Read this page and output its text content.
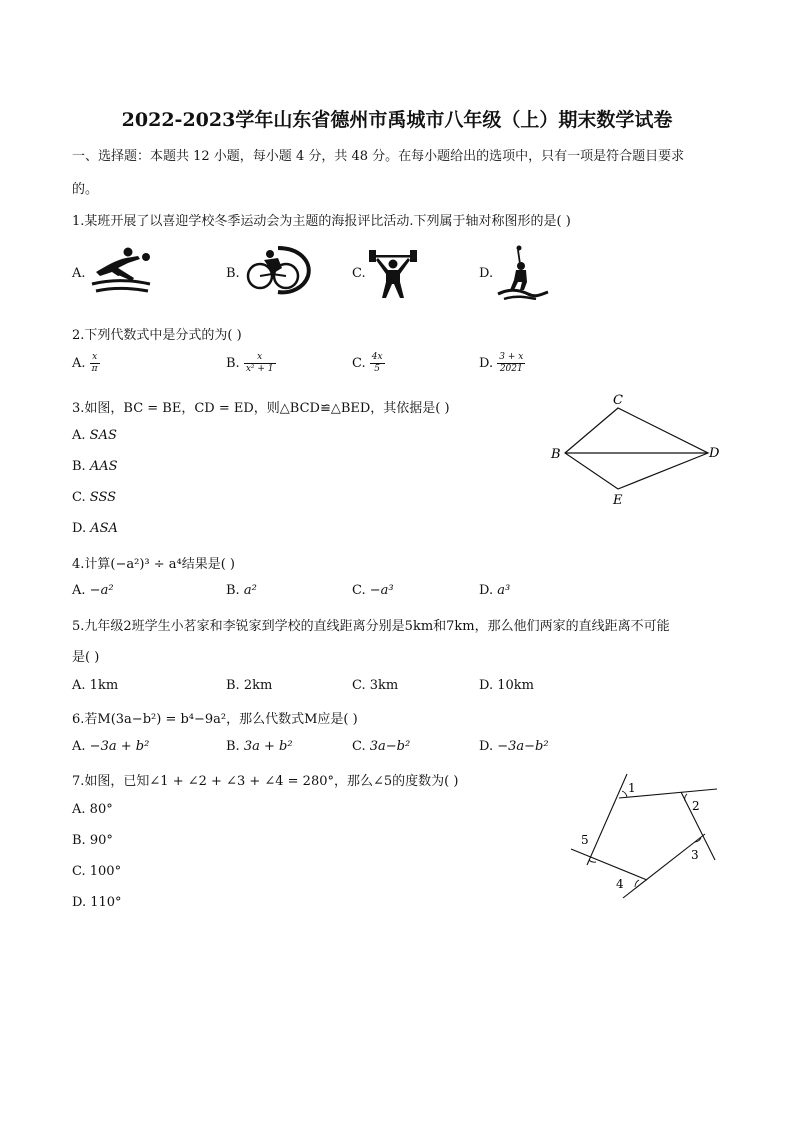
2022-2023学年山东省德州市禹城市八年级（上）期末数学试卷
一、选择题：本题共 12 小题，每小题 4 分，共 48 分。在每小题给出的选项中，只有一项是符合题目要求
的。
1.某班开展了以喜迎学校冬季运动会为主题的海报评比活动.下列属于轴对称图形的是( )
A.	B.	C.	D.
2.下列代数式中是分式的为( )
A. $\frac{x}{\pi}$	B. $\frac{x}{\text{x² + 1}}$	C. $\frac{4x}{5}$	D. $\frac{3 + x}{2021}$
3.如图，BC = BE，CD = ED，则△BCD≌△BED，其依据是( )
A. SAS
B. AAS
C. SSS
D. ASA
C
B	D
E
4.计算(−a²)³ ÷ a⁴结果是( )
A. −a²	B. a²	C. −a³	D. a³
5.九年级2班学生小茗家和李锐家到学校的直线距离分别是5km和7km，那么他们两家的直线距离不可能
是( )
A. 1km	B. 2km	C. 3km	D. 10km
6.若M(3a−b²) = b⁴−9a²，那么代数式M应是( )
A. −3a + b²	B. 3a + b²	C. 3a−b²	D. −3a−b²
7.如图，已知∠1 + ∠2 + ∠3 + ∠4 = 280°，那么∠5的度数为( )
A. 80°
B. 90°
C. 100°
D. 110°
1
2
3
4
5
